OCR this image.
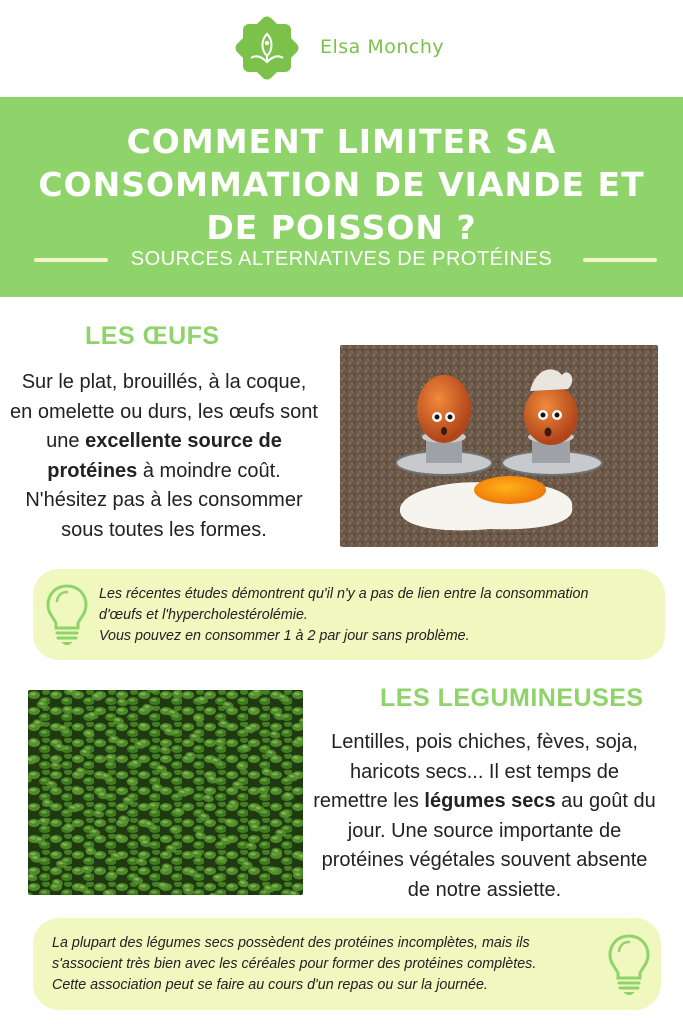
Elsa Monchy
COMMENT LIMITER SA
CONSOMMATION DE VIANDE ET
DE POISSON ?
SOURCES ALTERNATIVES DE PROTÉINES
LES ŒUFS
Sur le plat, brouillés, à la coque, en omelette ou durs, les œufs sont une excellente source de protéines à moindre coût. N'hésitez pas à les consommer sous toutes les formes.
Les récentes études démontrent qu'il n'y a pas de lien entre la consommation
d'œufs et l'hypercholestérolémie.
Vous pouvez en consommer 1 à 2 par jour sans problème.
LES LEGUMINEUSES
Lentilles, pois chiches, fèves, soja, haricots secs... Il est temps de remettre les légumes secs au goût du jour. Une source importante de protéines végétales souvent absente de notre assiette.
La plupart des légumes secs possèdent des protéines incomplètes, mais ils
s'associent très bien avec les céréales pour former des protéines complètes.
Cette association peut se faire au cours d'un repas ou sur la journée.
